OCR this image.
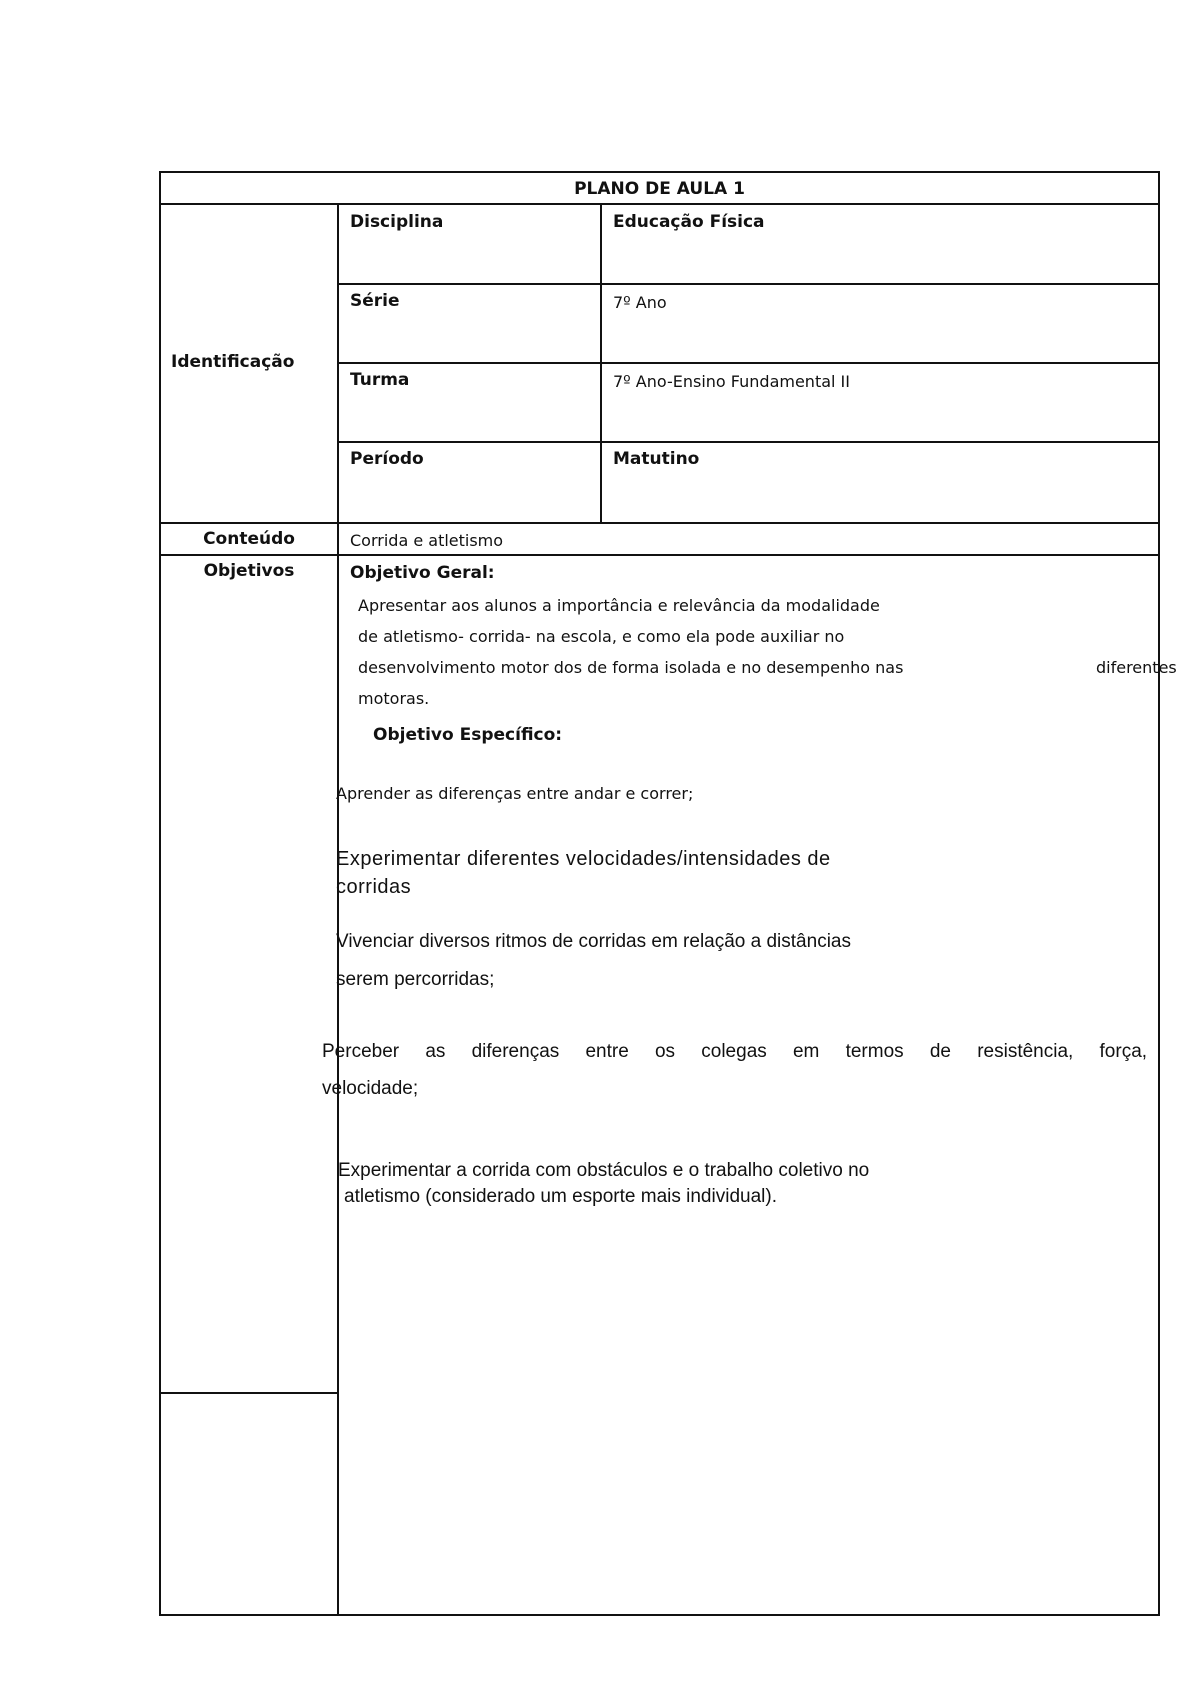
PLANO DE AULA 1
Identificação
Disciplina	Educação Física
Série	7º Ano
Turma	7º Ano-Ensino Fundamental II
Período	Matutino
Conteúdo	Corrida e atletismo
Objetivos	Objetivo Geral:
Apresentar aos alunos a importância e relevância da modalidade
de atletismo- corrida- na escola, e como ela pode auxiliar no
desenvolvimento motor dos de forma isolada e no desempenho nas	diferentes
motoras.
Objetivo Específico:
Aprender as diferenças entre andar e correr;
Experimentar diferentes velocidades/intensidades de
corridas
Vivenciar diversos ritmos de corridas em relação a distâncias
serem percorridas;
Perceber as diferenças entre os colegas em termos de resistência, força,
velocidade;
Experimentar a corrida com obstáculos e o trabalho coletivo no
atletismo (considerado um esporte mais individual).
